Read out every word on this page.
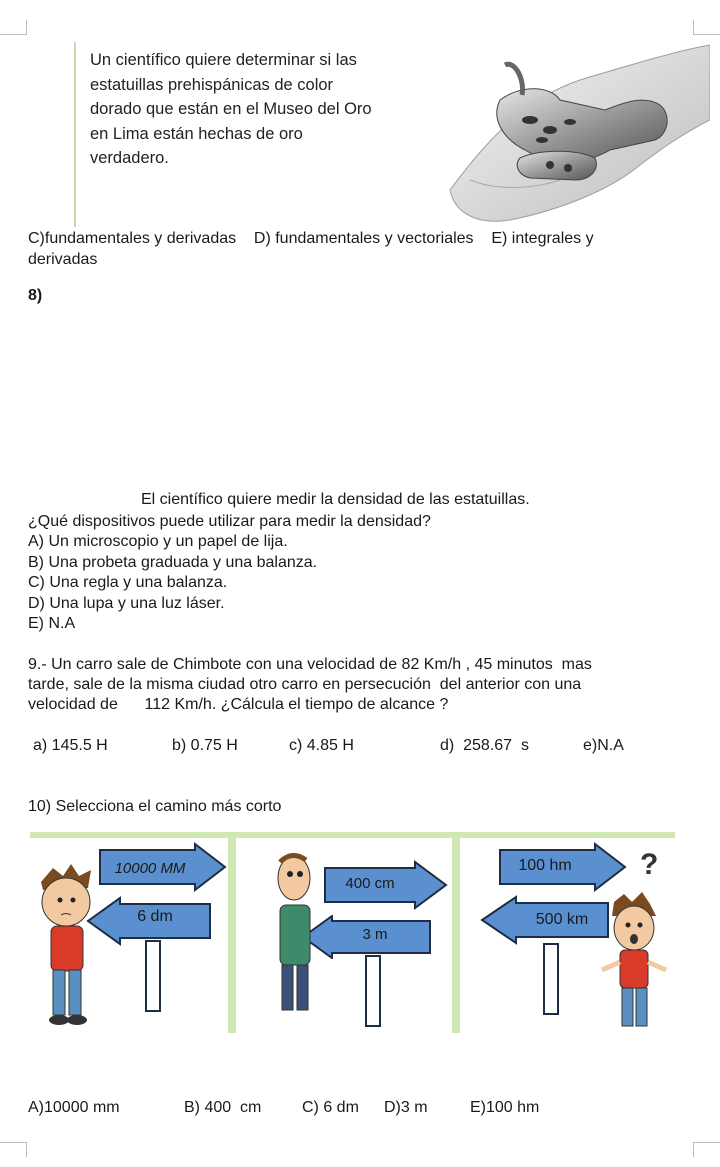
Un científico quiere determinar si las

estatuillas prehispánicas de color

dorado que están en el Museo del Oro

en Lima están hechas de oro

verdadero.

C)fundamentales y derivadas    D) fundamentales y vectoriales    E) integrales y
derivadas
8)
El científico quiere medir la densidad de las estatuillas.
¿Qué dispositivos puede utilizar para medir la densidad?
A) Un microscopio y un papel de lija.
B) Una probeta graduada y una balanza.
C) Una regla y una balanza.
D) Una lupa y una luz láser.
E) N.A
9.- Un carro sale de Chimbote con una velocidad de 82 Km/h , 45 minutos  mas
tarde, sale de la misma ciudad otro carro en persecución  del anterior con una
velocidad de      112 Km/h. ¿Cálcula el tiempo de alcance ?
a) 145.5 H	b) 0.75 H	c) 4.85 H	d)  258.67  s	e)N.A
10) Selecciona el camino más corto
10000 MM
6 dm
400 cm
3 m
100 hm
500 km
?
A)10000 mm	B) 400  cm	C) 6 dm D)3 m	E)100 hm
